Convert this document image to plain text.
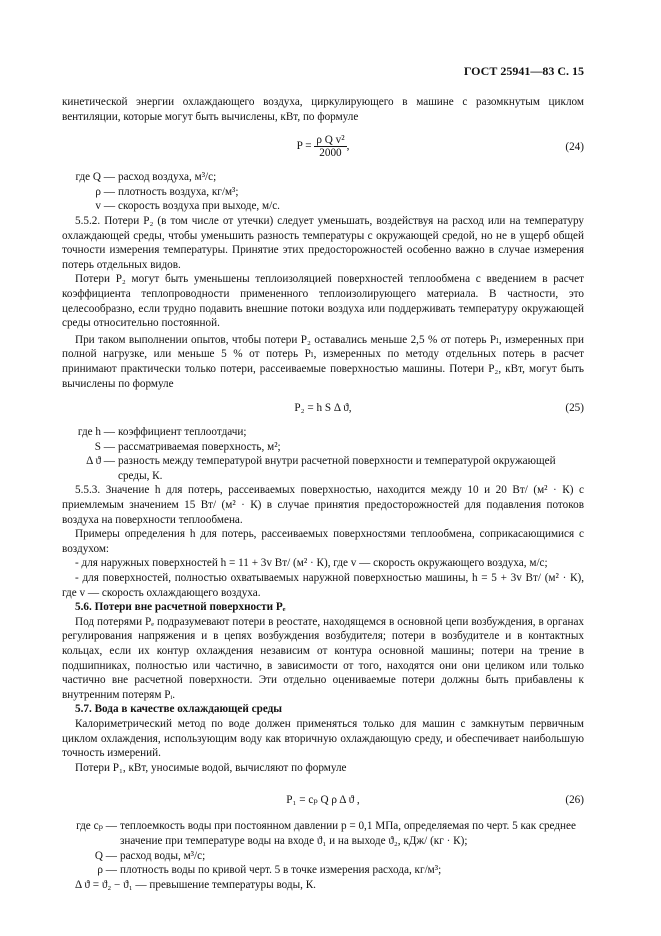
ГОСТ 25941—83 С. 15

кинетической энергии охлаждающего воздуха, циркулирующего в машине с разомкнутым циклом вентиляции, которые могут быть вычислены, кВт, по формуле

$P = \frac{\text{ρ Q v²}}{2000}$ ,	(24)
где Q — расход воздуха, м³/с;
ρ — плотность воздуха, кг/м³;
v — скорость воздуха при выходе, м/с.

5.5.2. Потери P₂ (в том числе от утечки) следует уменьшать, воздействуя на расход или на температуру охлаждающей среды, чтобы уменьшить разность температуры с окружающей средой, но не в ущерб общей точности измерения температуры. Принятие этих предосторожностей особенно важно в случае измерения потерь отдельных видов.

Потери P₂ могут быть уменьшены теплоизоляцией поверхностей теплообмена с введением в расчет коэффициента теплопроводности примененного теплоизолирующего материала. В частности, это целесообразно, если трудно подавить внешние потоки воздуха или поддерживать температуру окружающей среды относительно постоянной.

При таком выполнении опытов, чтобы потери P₂ оставались меньше 2,5 % от потерь Pₗ, измеренных при полной нагрузке, или меньше 5 % от потерь Pₗ, измеренных по методу отдельных потерь в расчет принимают практически только потери, рассеиваемые поверхностью машины. Потери P₂, кВт, могут быть вычислены по формуле

P₂ = h S Δ ϑ,	(25)
где h — коэффициент теплоотдачи;
S — рассматриваемая поверхность, м²;
Δ ϑ — разность между температурой внутри расчетной поверхности и температурой окружающей среды, К.

5.5.3. Значение h для потерь, рассеиваемых поверхностью, находится между 10 и 20 Вт/ (м² · К) с приемлемым значением 15 Вт/ (м² · К) в случае принятия предосторожностей для подавления потоков воздуха на поверхности теплообмена.

Примеры определения h для потерь, рассеиваемых поверхностями теплообмена, соприкасающимися с воздухом:

- для наружных поверхностей h = 11 + 3v Вт/ (м² · К), где v — скорость окружающего воздуха, м/с;

- для поверхностей, полностью охватываемых наружной поверхностью машины, h = 5 + 3v Вт/ (м² · К), где v — скорость охлаждающего воздуха.

5.6. Потери вне расчетной поверхности Pₑ

Под потерями Pₑ подразумевают потери в реостате, находящемся в основной цепи возбуждения, в органах регулирования напряжения и в цепях возбуждения возбудителя; потери в возбудителе и в контактных кольцах, если их контур охлаждения независим от контура основной машины; потери на трение в подшипниках, полностью или частично, в зависимости от того, находятся они они целиком или только частично вне расчетной поверхности. Эти отдельно оцениваемые потери должны быть прибавлены к внутренним потерям Pᵢ.

5.7. Вода в качестве охлаждающей среды

Калориметрический метод по воде должен применяться только для машин с замкнутым первичным циклом охлаждения, использующим воду как вторичную охлаждающую среду, и обеспечивает наибольшую точность измерений.

Потери P₁, кВт, уносимые водой, вычисляют по формуле

P₁ = cₚ Q ρ Δ ϑ ,	(26)
где cₚ — теплоемкость воды при постоянном давлении p = 0,1 МПа, определяемая по черт. 5 как среднее значение при температуре воды на входе ϑ₁ и на выходе ϑ₂, кДж/ (кг · К);
Q — расход воды, м³/с;
ρ — плотность воды по кривой черт. 5 в точке измерения расхода, кг/м³;

Δ ϑ = ϑ₂ − ϑ₁ — превышение температуры воды, К.
